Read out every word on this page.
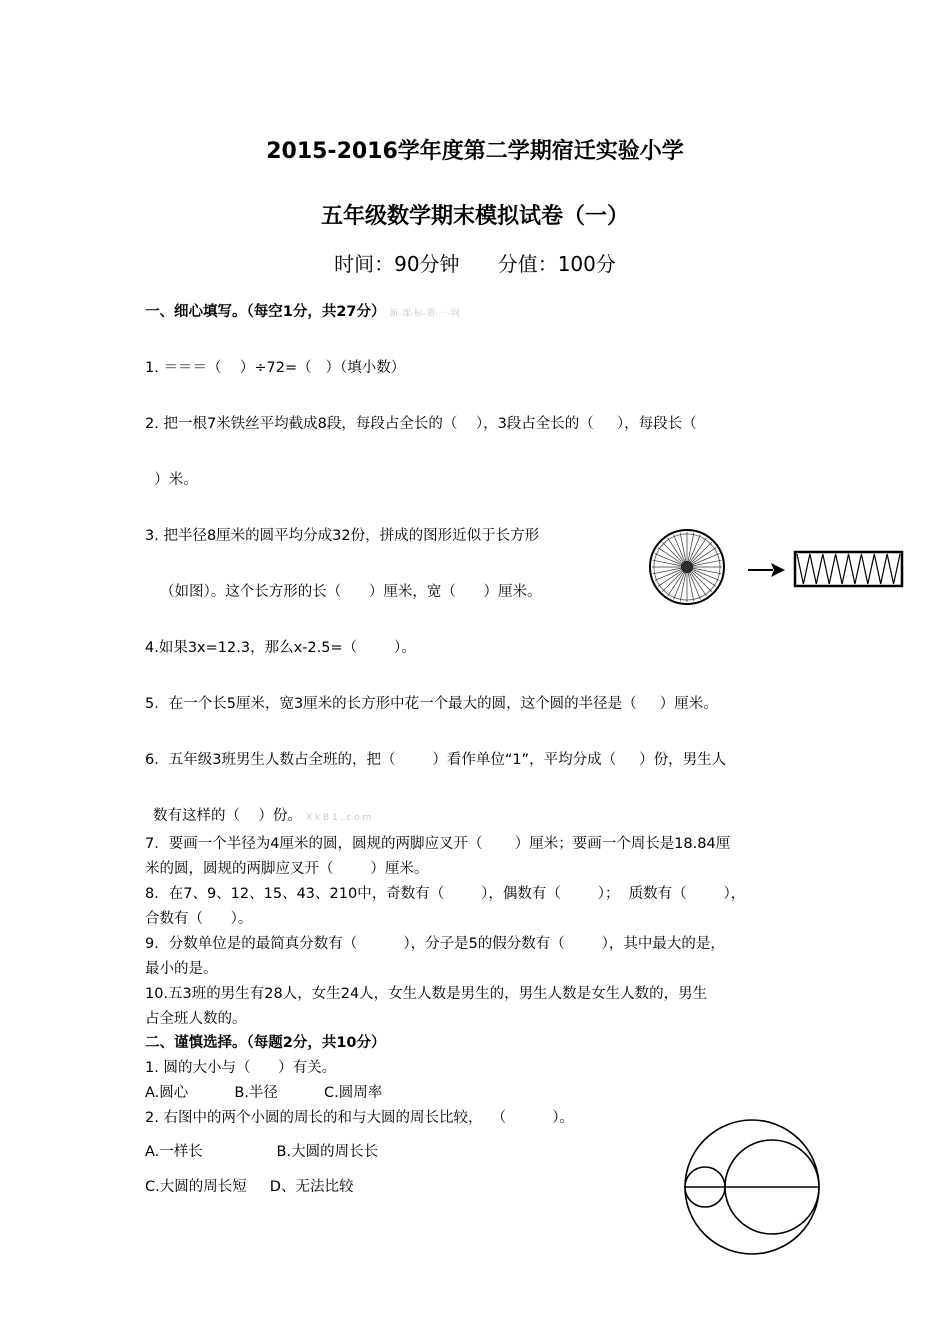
2015-2016学年度第二学期宿迁实验小学
五年级数学期末模拟试卷（一）
时间：90分钟      分值：100分
一、细心填写。（每空1分，共27分） 新-课-标-第-一-网
1. ＝＝＝（    ）÷72=（   ）（填小数）
2. 把一根7米铁丝平均截成8段，每段占全长的（    ），3段占全长的（     ），每段长（
）米。
3. 把半径8厘米的圆平均分成32份，拼成的图形近似于长方形
（如图）。这个长方形的长（      ）厘米，宽（      ）厘米。
4.如果3x=12.3，那么x-2.5=（        ）。
5．在一个长5厘米，宽3厘米的长方形中花一个最大的圆，这个圆的半径是（     ）厘米。
6．五年级3班男生人数占全班的，把（        ）看作单位“1”，平均分成（     ）份，男生人
数有这样的（    ）份。 X k B 1 . c o m
7．要画一个半径为4厘米的圆，圆规的两脚应叉开（       ）厘米；要画一个周长是18.84厘
米的圆，圆规的两脚应叉开（        ）厘米。
8．在7、9、12、15、43、210中，奇数有（        ），偶数有（        ）；  质数有（        ），
合数有（      ）。
9．分数单位是的最简真分数有（          ），分子是5的假分数有（        ），其中最大的是，
最小的是。
10.五3班的男生有28人，女生24人，女生人数是男生的，男生人数是女生人数的，男生
占全班人数的。
二、谨慎选择。（每题2分，共10分）
1. 圆的大小与（      ）有关。
A.圆心          B.半径          C.圆周率
2. 右图中的两个小圆的周长的和与大圆的周长比较，  （          ）。
A.一样长                B.大圆的周长长
C.大圆的周长短     D、无法比较
